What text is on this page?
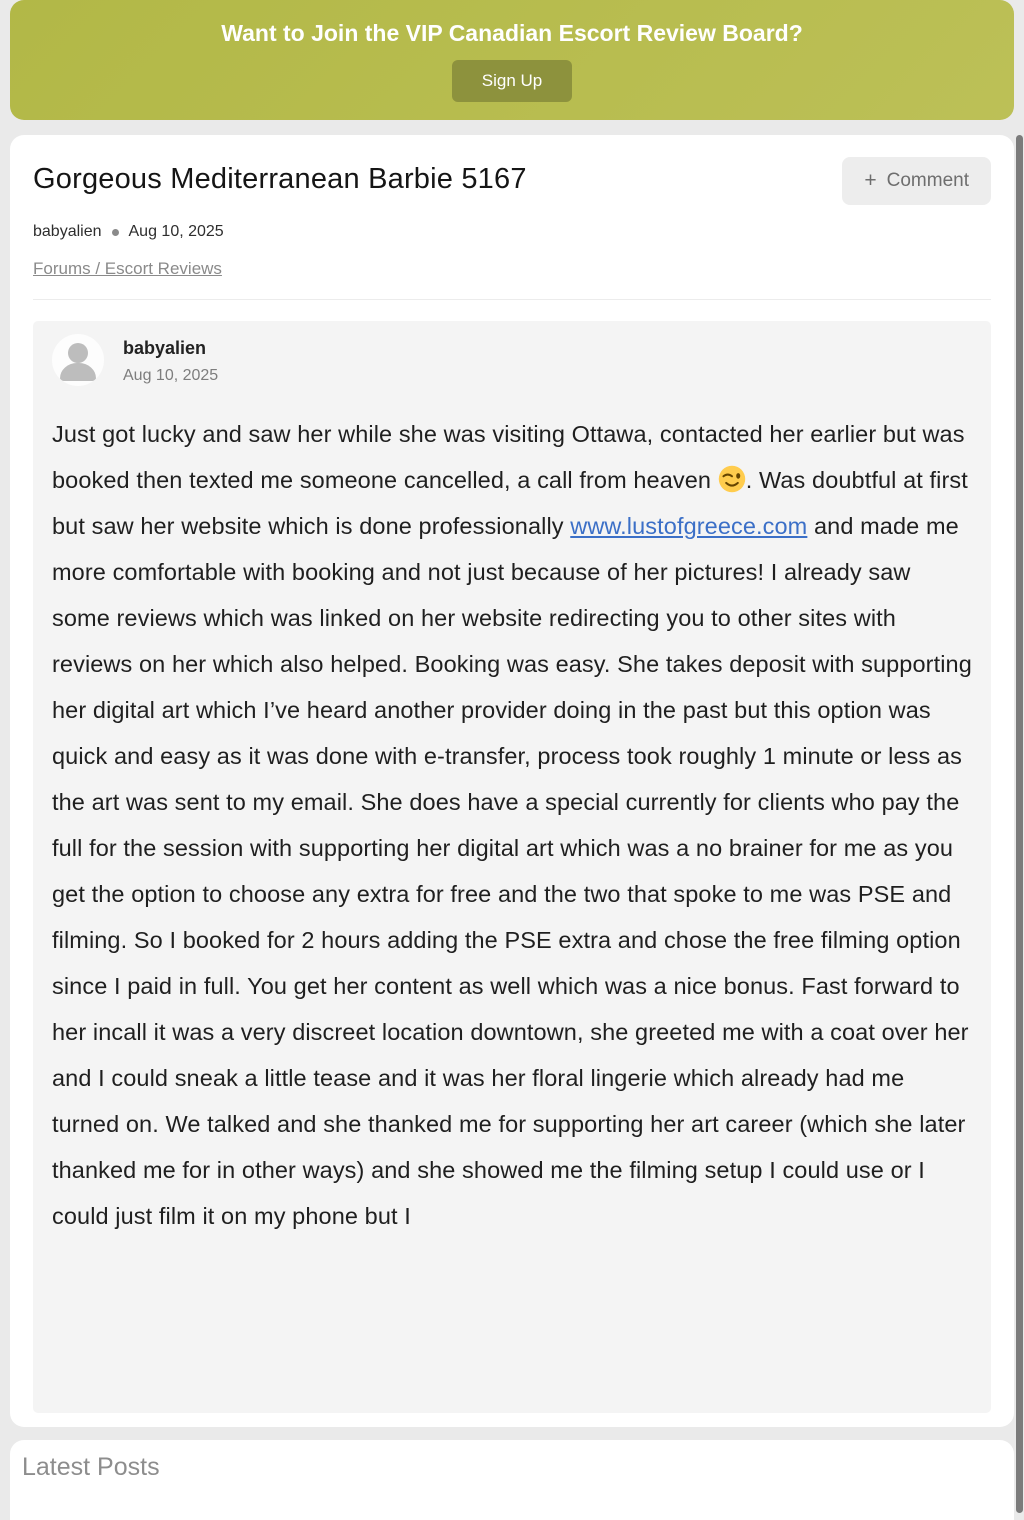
Want to Join the VIP Canadian Escort Review Board?
Sign Up
Gorgeous Mediterranean Barbie 5167	+ Comment
babyalien Aug 10, 2025
Forums / Escort Reviews
babyalien
Aug 10, 2025

Just got lucky and saw her while she was visiting Ottawa, contacted her earlier but was booked then texted me someone cancelled, a call from heaven . Was doubtful at first but saw her website which is done professionally www.lustofgreece.com and made me more comfortable with booking and not just because of her pictures! I already saw some reviews which was linked on her website redirecting you to other sites with reviews on her which also helped. Booking was easy. She takes deposit with supporting her digital art which I’ve heard another provider doing in the past but this option was quick and easy as it was done with e-transfer, process took roughly 1 minute or less as the art was sent to my email. She does have a special currently for clients who pay the full for the session with supporting her digital art which was a no brainer for me as you get the option to choose any extra for free and the two that spoke to me was PSE and filming. So I booked for 2 hours adding the PSE extra and chose the free filming option since I paid in full. You get her content as well which was a nice bonus. Fast forward to her incall it was a very discreet location downtown, she greeted me with a coat over her and I could sneak a little tease and it was her floral lingerie which already had me turned on. We talked and she thanked me for supporting her art career (which she later thanked me for in other ways) and she showed me the filming setup I could use or I could just film it on my phone but I

Latest Posts
